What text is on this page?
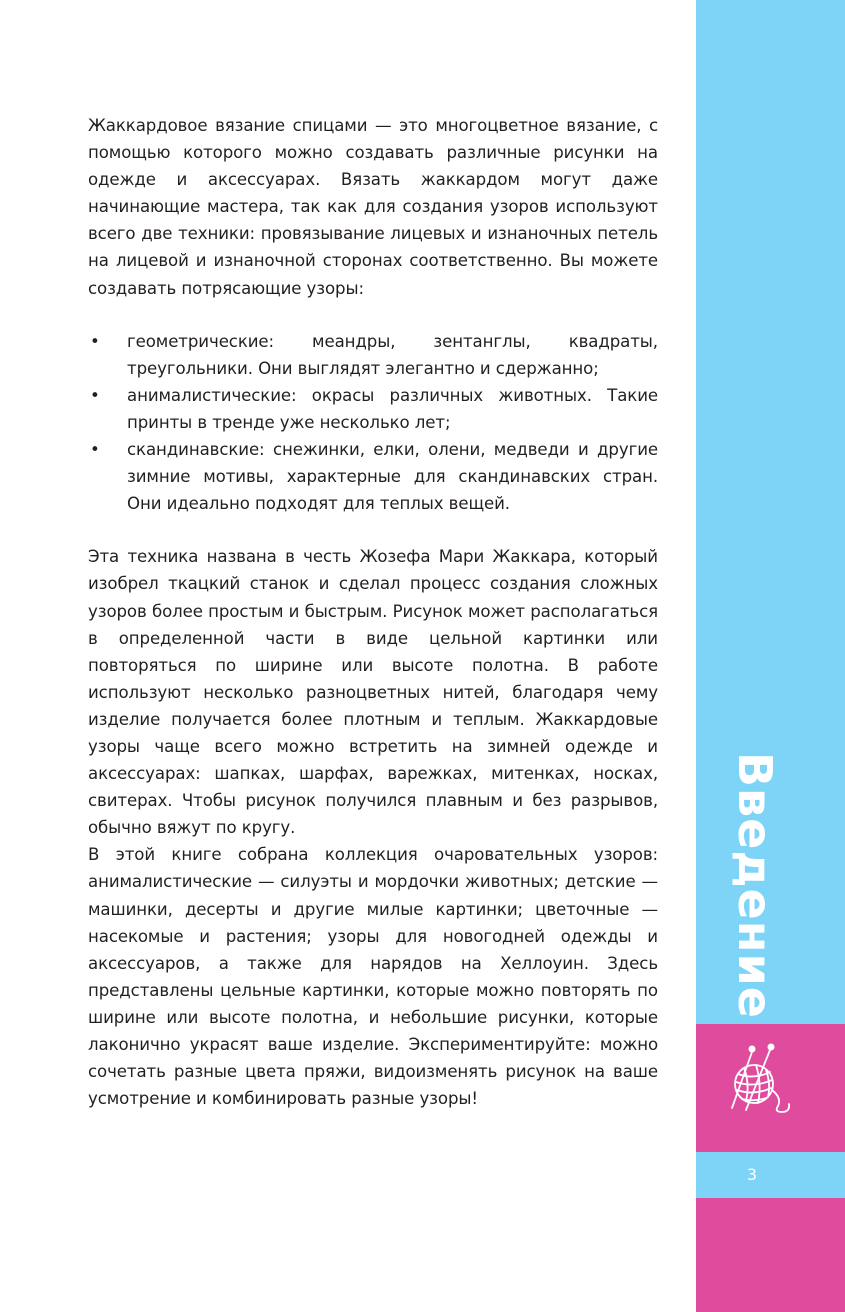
Жаккардовое вязание спицами — это многоцветное вязание, с помощью которого можно создавать различные рисунки на одежде и аксессуарах. Вязать жаккардом могут даже начинающие мастера, так как для создания узоров используют всего две техники: провязывание лицевых и изнаночных петель на лицевой и изнаночной сторонах соответственно. Вы можете создавать потрясающие узоры:

• геометрические: меандры, зентанглы, квадраты, треугольники. Они выглядят элегантно и сдержанно;
• анималистические: окрасы различных животных. Такие принты в тренде уже несколько лет;
• скандинавские: снежинки, елки, олени, медведи и другие зимние мотивы, характерные для скандинавских стран. Они идеально подходят для теплых вещей.

Эта техника названа в честь Жозефа Мари Жаккара, который изобрел ткацкий станок и сделал процесс создания сложных узоров более простым и быстрым. Рисунок может располагаться в определенной части в виде цельной картинки или повторяться по ширине или высоте полотна. В работе используют несколько разноцветных нитей, благодаря чему изделие получается более плотным и теплым. Жаккардовые узоры чаще всего можно встретить на зимней одежде и аксессуарах: шапках, шарфах, варежках, митенках, носках, свитерах. Чтобы рисунок получился плавным и без разрывов, обычно вяжут по кругу.

В этой книге собрана коллекция очаровательных узоров: анималистические — силуэты и мордочки животных; детские — машинки, десерты и другие милые картинки; цветочные — насекомые и растения; узоры для новогодней одежды и аксессуаров, а также для нарядов на Хеллоуин. Здесь представлены цельные картинки, которые можно повторять по ширине или высоте полотна, и небольшие рисунки, которые лаконично украсят ваше изделие. Экспериментируйте: можно сочетать разные цвета пряжи, видоизменять рисунок на ваше усмотрение и комбинировать разные узоры!

Введение
3
